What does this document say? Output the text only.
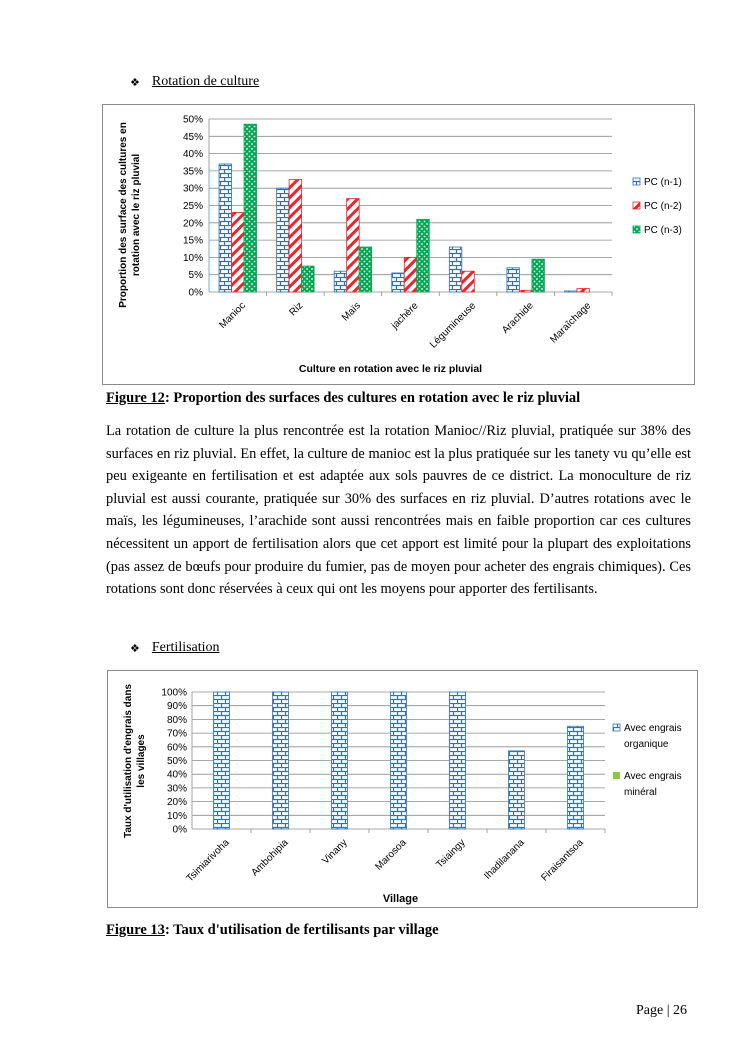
❖ Rotation de culture
0%
5%
10%
15%
20%
25%
30%
35%
40%
45%
50%
Manioc	Riz	Maïs	jachère Légumineuse Arachide Maraîchage
Culture en rotation avec le riz pluvial
Proportion des surface des cultures en rotation avec le riz pluvial	PC (n-1)
PC (n-2)
PC (n-3)
Figure 12: Proportion des surfaces des cultures en rotation avec le riz pluvial
La rotation de culture la plus rencontrée est la rotation Manioc//Riz pluvial, pratiquée sur 38% des surfaces en riz pluvial. En effet, la culture de manioc est la plus pratiquée sur les tanety vu qu’elle est peu exigeante en fertilisation et est adaptée aux sols pauvres de ce district. La monoculture de riz pluvial est aussi courante, pratiquée sur 30% des surfaces en riz pluvial. D’autres rotations avec le maïs, les légumineuses, l’arachide sont aussi rencontrées mais en faible proportion car ces cultures nécessitent un apport de fertilisation alors que cet apport est limité pour la plupart des exploitations (pas assez de bœufs pour produire du fumier, pas de moyen pour acheter des engrais chimiques). Ces rotations sont donc réservées à ceux qui ont les moyens pour apporter des fertilisants.
❖ Fertilisation
0%
10%
20%
30%
40%
50%
60%
70%
80%
90%
100%
Tsimiarivoha Ambohipia	Vinany Marosoa	Tsiaingy Ihadilanana Firaisantsoa
Village
Taux d'utilisation d'engrais dans les villages
Avec engrais organique
Avec engrais minéral
Figure 13: Taux d'utilisation de fertilisants par village
Page | 26
